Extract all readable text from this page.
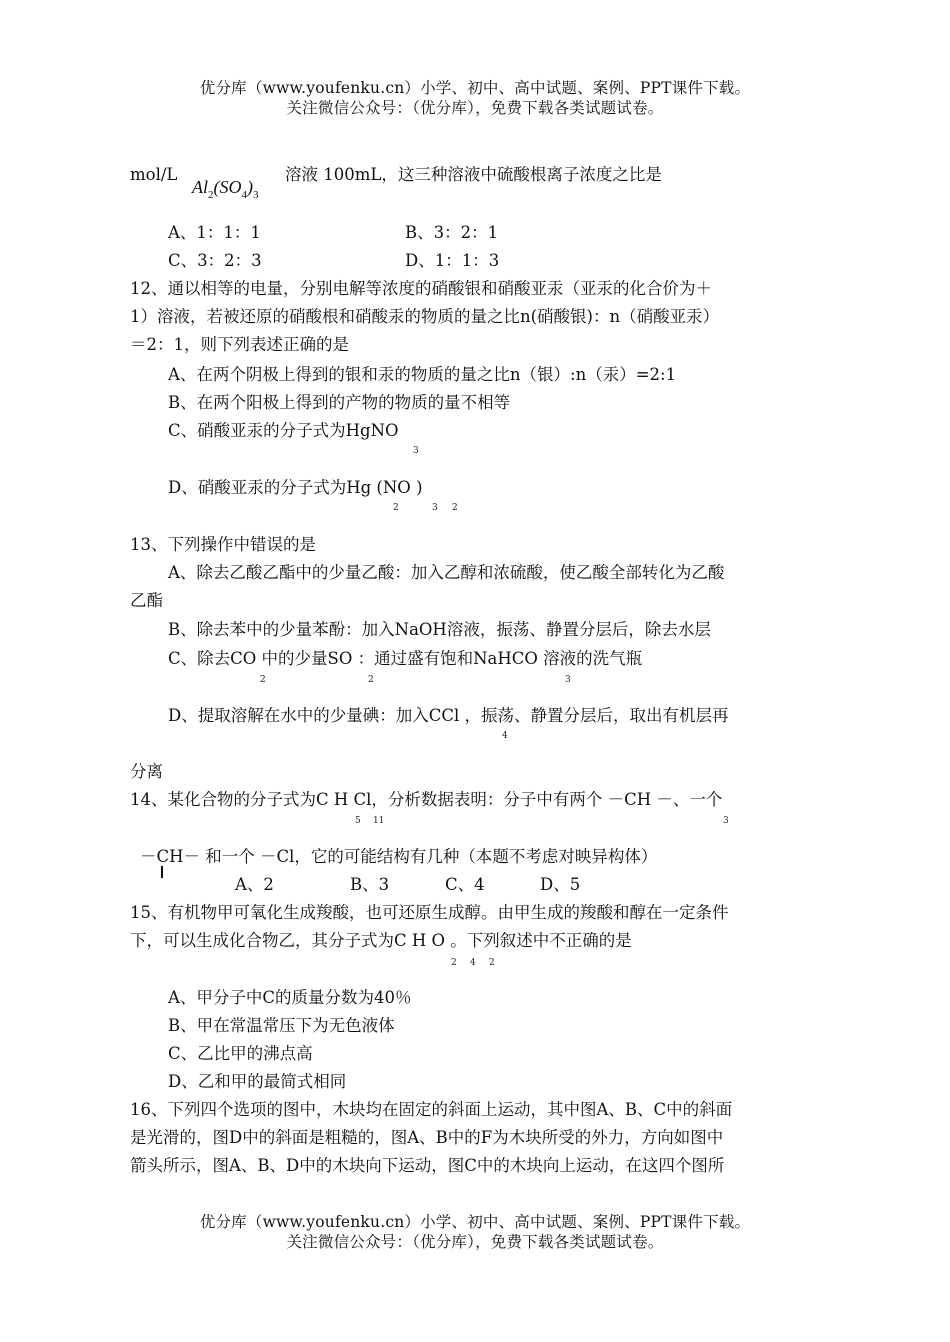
优分库（www.youfenku.cn）小学、初中、高中试题、案例、PPT课件下载。
关注微信公众号：（优分库），免费下载各类试题试卷。
mol/L
$Al_2(SO_4)_3$
溶液 100mL，这三种溶液中硫酸根离子浓度之比是
A、1：1：1	B、3：2：1
C、3：2：3	D、1：1：3
12、通以相等的电量，分别电解等浓度的硝酸银和硝酸亚汞（亚汞的化合价为＋
1）溶液，若被还原的硝酸根和硝酸汞的物质的量之比n(硝酸银)：n（硝酸亚汞）
＝2：1，则下列表述正确的是
A、在两个阴极上得到的银和汞的物质的量之比n（银）:n（汞）=2:1
B、在两个阳极上得到的产物的物质的量不相等
C、硝酸亚汞的分子式为HgNO
3
D、硝酸亚汞的分子式为Hg (NO )
2	3 2
13、下列操作中错误的是
A、除去乙酸乙酯中的少量乙酸：加入乙醇和浓硫酸，使乙酸全部转化为乙酸
乙酯
B、除去苯中的少量苯酚：加入NaOH溶液，振荡、静置分层后，除去水层
C、除去CO 中的少量SO ：通过盛有饱和NaHCO 溶液的洗气瓶
2	2	3
D、提取溶解在水中的少量碘：加入CCl ，振荡、静置分层后，取出有机层再
4
分离
14、某化合物的分子式为C H Cl，分析数据表明：分子中有两个 －CH －、一个
5 11	3
－CH－ 和一个 －Cl，它的可能结构有几种（本题不考虑对映异构体）
A、2	B、3	C、4	D、5
15、有机物甲可氧化生成羧酸，也可还原生成醇。由甲生成的羧酸和醇在一定条件
下，可以生成化合物乙，其分子式为C H O 。下列叙述中不正确的是
2 4 2
A、甲分子中C的质量分数为40％
B、甲在常温常压下为无色液体
C、乙比甲的沸点高
D、乙和甲的最简式相同
16、下列四个选项的图中，木块均在固定的斜面上运动，其中图A、B、C中的斜面
是光滑的，图D中的斜面是粗糙的，图A、B中的F为木块所受的外力，方向如图中
箭头所示，图A、B、D中的木块向下运动，图C中的木块向上运动，在这四个图所
优分库（www.youfenku.cn）小学、初中、高中试题、案例、PPT课件下载。
关注微信公众号：（优分库），免费下载各类试题试卷。
